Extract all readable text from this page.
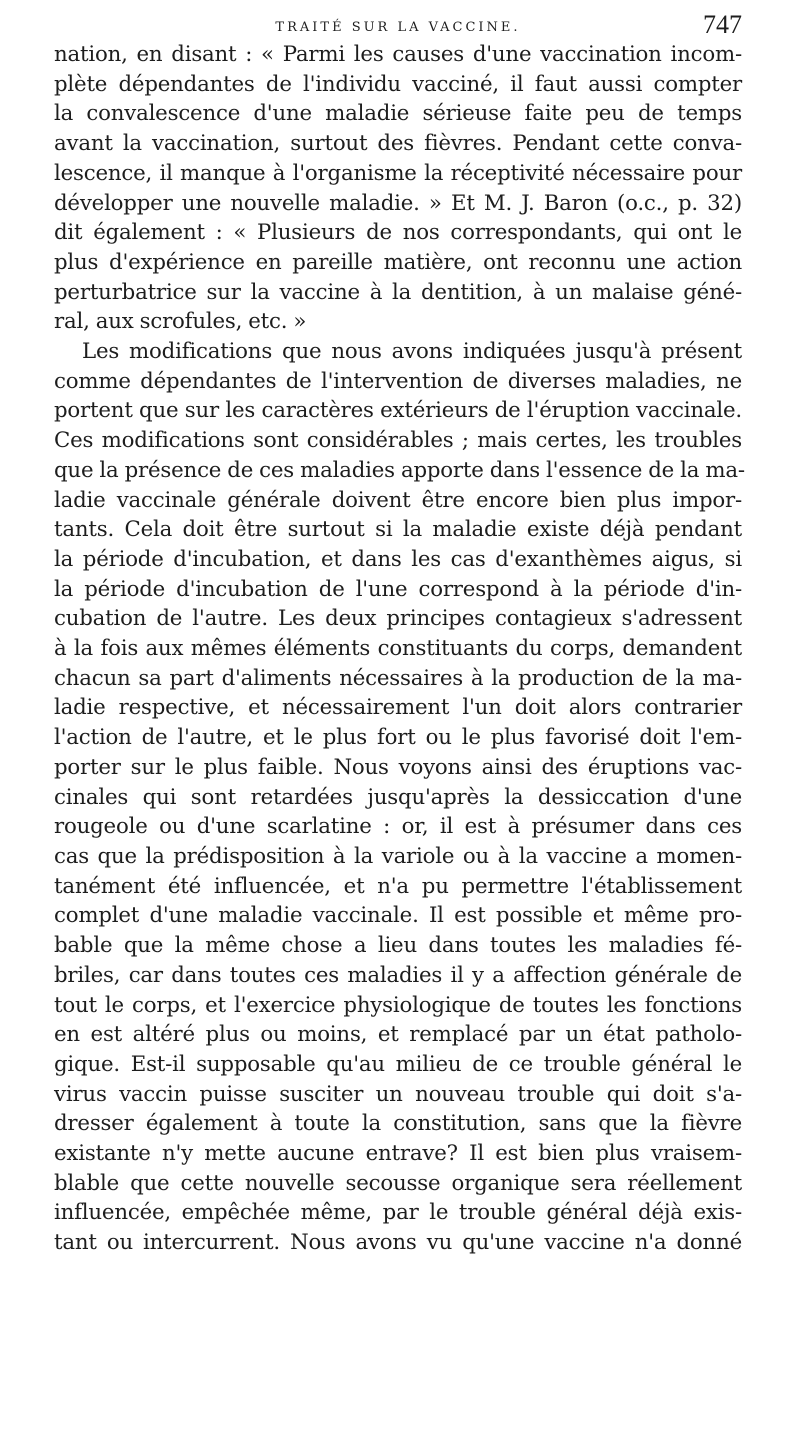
TRAITÉ SUR LA VACCINE.	747

nation, en disant : « Parmi les causes d'une vaccination incom-
plète dépendantes de l'individu vacciné, il faut aussi compter
la convalescence d'une maladie sérieuse faite peu de temps
avant la vaccination, surtout des fièvres. Pendant cette conva-
lescence, il manque à l'organisme la réceptivité nécessaire pour
développer une nouvelle maladie. » Et M. J. Baron (o.c., p. 32)
dit également : « Plusieurs de nos correspondants, qui ont le
plus d'expérience en pareille matière, ont reconnu une action
perturbatrice sur la vaccine à la dentition, à un malaise géné-
ral, aux scrofules, etc. »

Les modifications que nous avons indiquées jusqu'à présent
comme dépendantes de l'intervention de diverses maladies, ne
portent que sur les caractères extérieurs de l'éruption vaccinale.
Ces modifications sont considérables ; mais certes, les troubles
que la présence de ces maladies apporte dans l'essence de la ma-
ladie vaccinale générale doivent être encore bien plus impor-
tants. Cela doit être surtout si la maladie existe déjà pendant
la période d'incubation, et dans les cas d'exanthèmes aigus, si
la période d'incubation de l'une correspond à la période d'in-
cubation de l'autre. Les deux principes contagieux s'adressent
à la fois aux mêmes éléments constituants du corps, demandent
chacun sa part d'aliments nécessaires à la production de la ma-
ladie respective, et nécessairement l'un doit alors contrarier
l'action de l'autre, et le plus fort ou le plus favorisé doit l'em-
porter sur le plus faible. Nous voyons ainsi des éruptions vac-
cinales qui sont retardées jusqu'après la dessiccation d'une
rougeole ou d'une scarlatine : or, il est à présumer dans ces
cas que la prédisposition à la variole ou à la vaccine a momen-
tanément été influencée, et n'a pu permettre l'établissement
complet d'une maladie vaccinale. Il est possible et même pro-
bable que la même chose a lieu dans toutes les maladies fé-
briles, car dans toutes ces maladies il y a affection générale de
tout le corps, et l'exercice physiologique de toutes les fonctions
en est altéré plus ou moins, et remplacé par un état patholo-
gique. Est-il supposable qu'au milieu de ce trouble général le
virus vaccin puisse susciter un nouveau trouble qui doit s'a-
dresser également à toute la constitution, sans que la fièvre
existante n'y mette aucune entrave? Il est bien plus vraisem-
blable que cette nouvelle secousse organique sera réellement
influencée, empêchée même, par le trouble général déjà exis-
tant ou intercurrent. Nous avons vu qu'une vaccine n'a donné
